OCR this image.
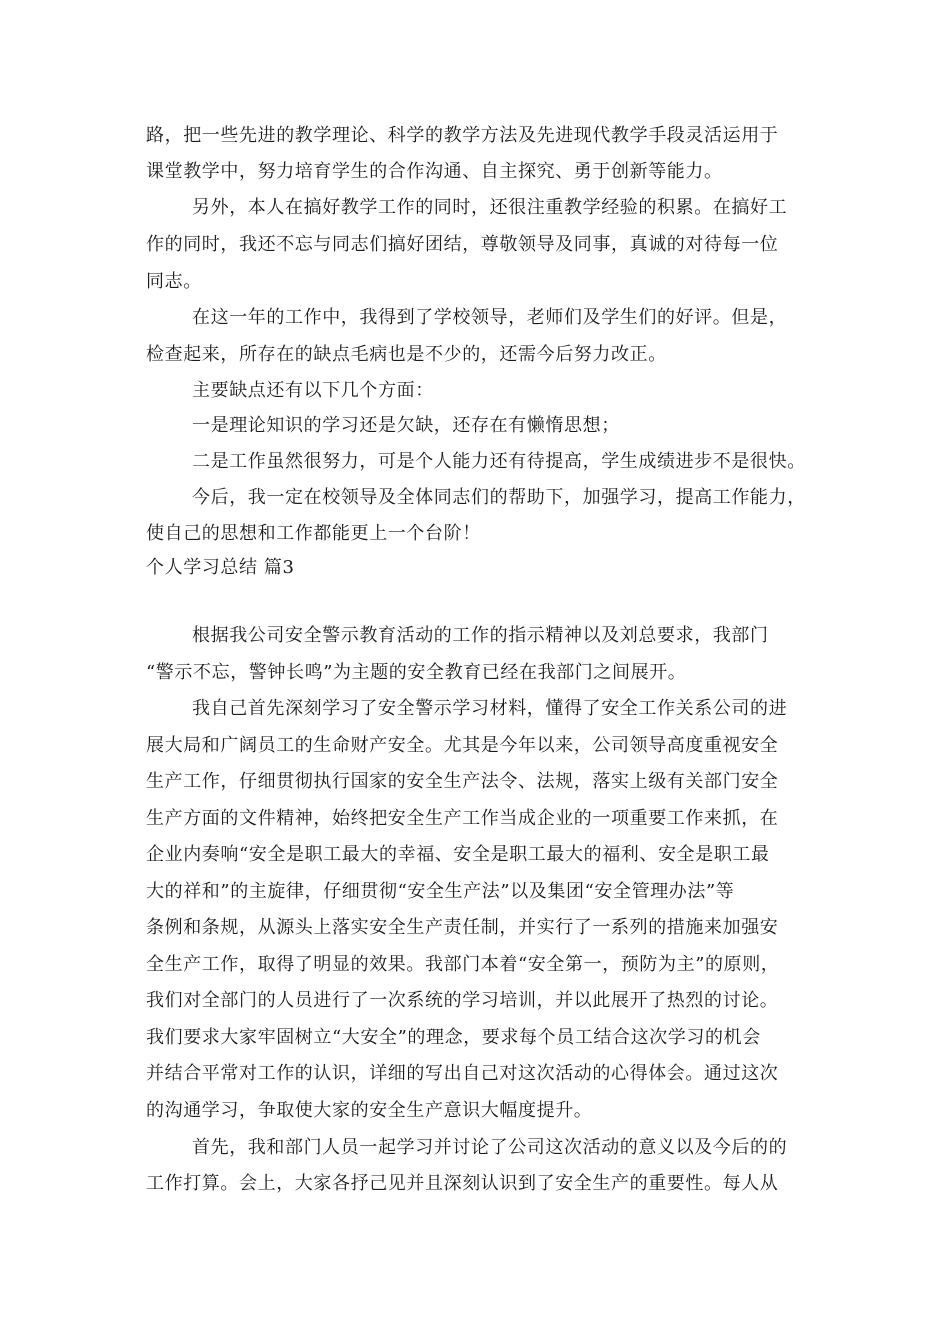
路，把一些先进的教学理论、科学的教学方法及先进现代教学手段灵活运用于
课堂教学中，努力培育学生的合作沟通、自主探究、勇于创新等能力。
另外，本人在搞好教学工作的同时，还很注重教学经验的积累。在搞好工
作的同时，我还不忘与同志们搞好团结，尊敬领导及同事，真诚的对待每一位
同志。
在这一年的工作中，我得到了学校领导，老师们及学生们的好评。但是，
检查起来，所存在的缺点毛病也是不少的，还需今后努力改正。
主要缺点还有以下几个方面：
一是理论知识的学习还是欠缺，还存在有懒惰思想；
二是工作虽然很努力，可是个人能力还有待提高，学生成绩进步不是很快。
今后，我一定在校领导及全体同志们的帮助下，加强学习，提高工作能力，
使自己的思想和工作都能更上一个台阶！
个人学习总结 篇3
根据我公司安全警示教育活动的工作的指示精神以及刘总要求，我部门
“警示不忘，警钟长鸣”为主题的安全教育已经在我部门之间展开。
我自己首先深刻学习了安全警示学习材料，懂得了安全工作关系公司的进
展大局和广阔员工的生命财产安全。尤其是今年以来，公司领导高度重视安全
生产工作，仔细贯彻执行国家的安全生产法令、法规，落实上级有关部门安全
生产方面的文件精神，始终把安全生产工作当成企业的一项重要工作来抓，在
企业内奏响“安全是职工最大的幸福、安全是职工最大的福利、安全是职工最
大的祥和”的主旋律，仔细贯彻“安全生产法”以及集团“安全管理办法”等
条例和条规，从源头上落实安全生产责任制，并实行了一系列的措施来加强安
全生产工作，取得了明显的效果。我部门本着“安全第一，预防为主”的原则，
我们对全部门的人员进行了一次系统的学习培训，并以此展开了热烈的讨论。
我们要求大家牢固树立“大安全”的理念，要求每个员工结合这次学习的机会
并结合平常对工作的认识，详细的写出自己对这次活动的心得体会。通过这次
的沟通学习，争取使大家的安全生产意识大幅度提升。
首先，我和部门人员一起学习并讨论了公司这次活动的意义以及今后的的
工作打算。会上，大家各抒己见并且深刻认识到了安全生产的重要性。每人从
